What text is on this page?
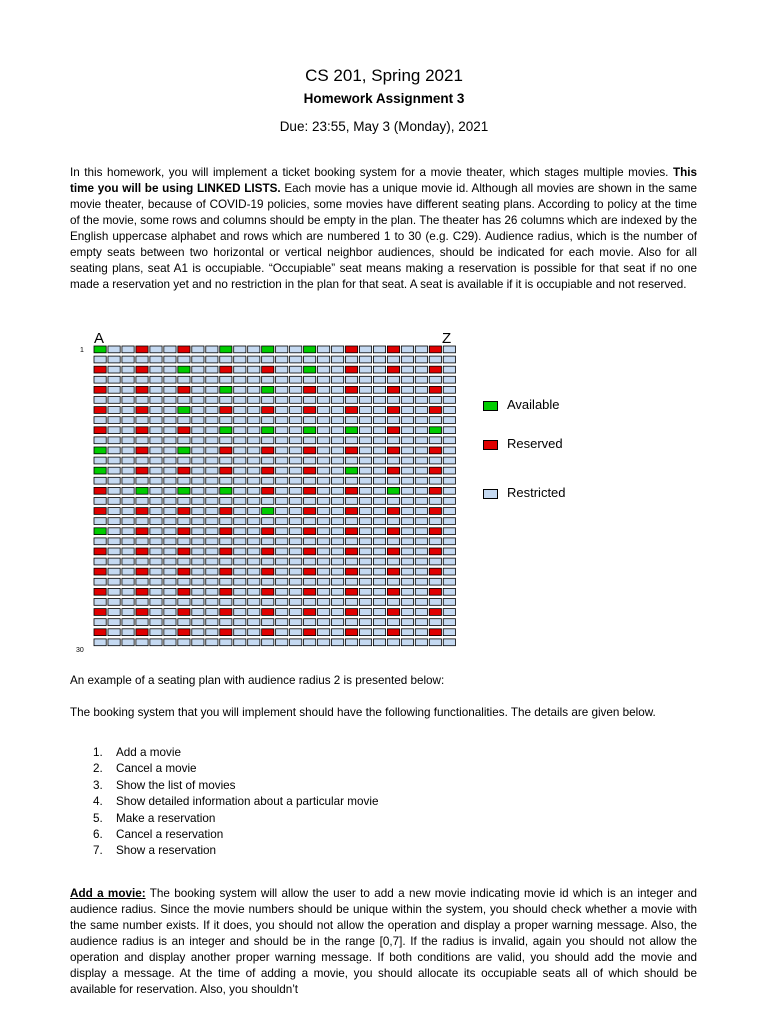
CS 201, Spring 2021
Homework Assignment 3
Due: 23:55, May 3 (Monday), 2021
In this homework, you will implement a ticket booking system for a movie theater, which stages multiple movies. This time you will be using LINKED LISTS. Each movie has a unique movie id. Although all movies are shown in the same movie theater, because of COVID-19 policies, some movies have different seating plans. According to policy at the time of the movie, some rows and columns should be empty in the plan. The theater has 26 columns which are indexed by the English uppercase alphabet and rows which are numbered 1 to 30 (e.g. C29). Audience radius, which is the number of empty seats between two horizontal or vertical neighbor audiences, should be indicated for each movie. Also for all seating plans, seat A1 is occupiable. “Occupiable” seat means making a reservation is possible for that seat if no one made a reservation yet and no restriction in the plan for that seat. A seat is available if it is occupiable and not reserved.
A	Z
1
30
Available
Reserved
Restricted
An example of a seating plan with audience radius 2 is presented below:
The booking system that you will implement should have the following functionalities. The details are given below.
1. Add a movie
2. Cancel a movie
3. Show the list of movies
4. Show detailed information about a particular movie
5. Make a reservation
6. Cancel a reservation
7. Show a reservation
Add a movie: The booking system will allow the user to add a new movie indicating movie id which is an integer and audience radius. Since the movie numbers should be unique within the system, you should check whether a movie with the same number exists. If it does, you should not allow the operation and display a proper warning message. Also, the audience radius is an integer and should be in the range [0,7]. If the radius is invalid, again you should not allow the operation and display another proper warning message. If both conditions are valid, you should add the movie and display a message. At the time of adding a movie, you should allocate its occupiable seats all of which should be available for reservation. Also, you shouldn’t
